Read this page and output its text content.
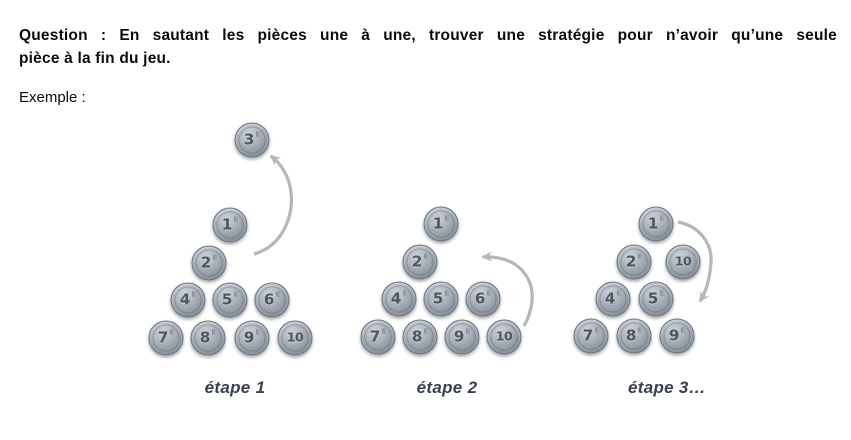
Question : En sautant les pièces une à une, trouver une stratégie pour n’avoir qu’une seule
pièce à la fin du jeu.

Exemple :

3 E
1 E
2 E
4 E 5 E 6 E
7 E 8 E 9 E 10
étape 1
1 E
2 E
4 E 5 E 6 E
7 E 8 E 9 E 10
étape 2
1 E
2 E	10
4 E 5 E
7 E 8 E 9 E
étape 3…
